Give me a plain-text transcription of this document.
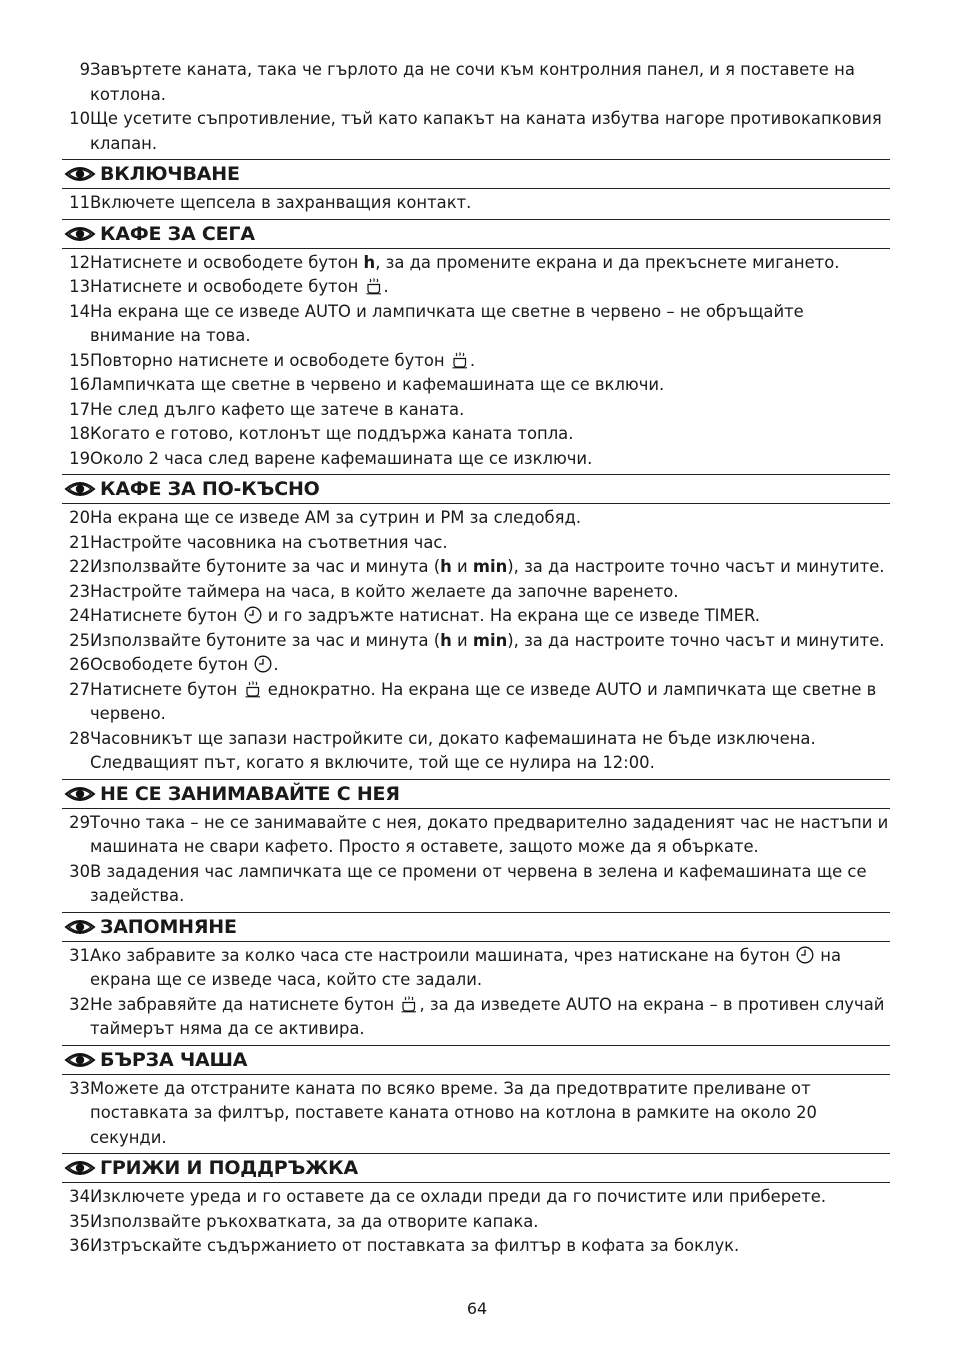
9 Завъртете каната, така че гърлото да не сочи към контролния панел, и я поставете на котлона.
10 Ще усетите съпротивление, тъй като капакът на каната избутва нагоре противокапковия клапан.
ВКЛЮЧВАНЕ
11 Включете щепсела в захранващия контакт.
КАФЕ ЗА СЕГА
12 Натиснете и освободете бутон h, за да промените екрана и да прекъснете мигането.
13 Натиснете и освободете бутон
.
14 На екрана ще се изведе AUTO и лампичката ще светне в червено – не обръщайте внимание на това.
15 Повторно натиснете и освободете бутон
.
16 Лампичката ще светне в червено и кафемашината ще се включи.
17 Не след дълго кафето ще затече в каната.
18 Когато е готово, котлонът ще поддържа каната топла.
19 Около 2 часа след варене кафемашината ще се изключи.
КАФЕ ЗА ПО-КЪСНО
20 На екрана ще се изведе AM за сутрин и PM за следобяд.
21 Настройте часовника на съответния час.
22 Използвайте бутоните за час и минута (h и min), за да настроите точно часът и минутите.
23 Настройте таймера на часа, в който желаете да започне варенето.
24 Натиснете бутон
и го задръжте натиснат. На екрана ще се изведе TIMER.
25 Използвайте бутоните за час и минута (h и min), за да настроите точно часът и минутите.
26 Освободете бутон
.
27 Натиснете бутон
еднократно. На екрана ще се изведе AUTO и лампичката ще светне в червено.
28 Часовникът ще запази настройките си, докато кафемашината не бъде изключена. Следващият път, когато я включите, той ще се нулира на 12:00.
НЕ СЕ ЗАНИМАВАЙТЕ С НЕЯ
29 Точно така – не се занимавайте с нея, докато предварително зададеният час не настъпи и машината не свари кафето. Просто я оставете, защото може да я объркате.
30 В зададения час лампичката ще се промени от червена в зелена и кафемашината ще се задейства.
ЗАПОМНЯНЕ
31 Ако забравите за колко часа сте настроили машината, чрез натискане на бутон
на екрана ще се изведе часа, който сте задали.
32 Не забравяйте да натиснете бутон
, за да изведете AUTO на екрана – в противен случай таймерът няма да се активира.
БЪРЗА ЧАША
33 Можете да отстраните каната по всяко време. За да предотвратите преливане от поставката за филтър, поставете каната отново на котлона в рамките на около 20 секунди.
ГРИЖИ И ПОДДРЪЖКА
34 Изключете уреда и го оставете да се охлади преди да го почистите или приберете.
35 Използвайте ръкохватката, за да отворите капака.
36 Изтръскайте съдържанието от поставката за филтър в кофата за боклук.
64
